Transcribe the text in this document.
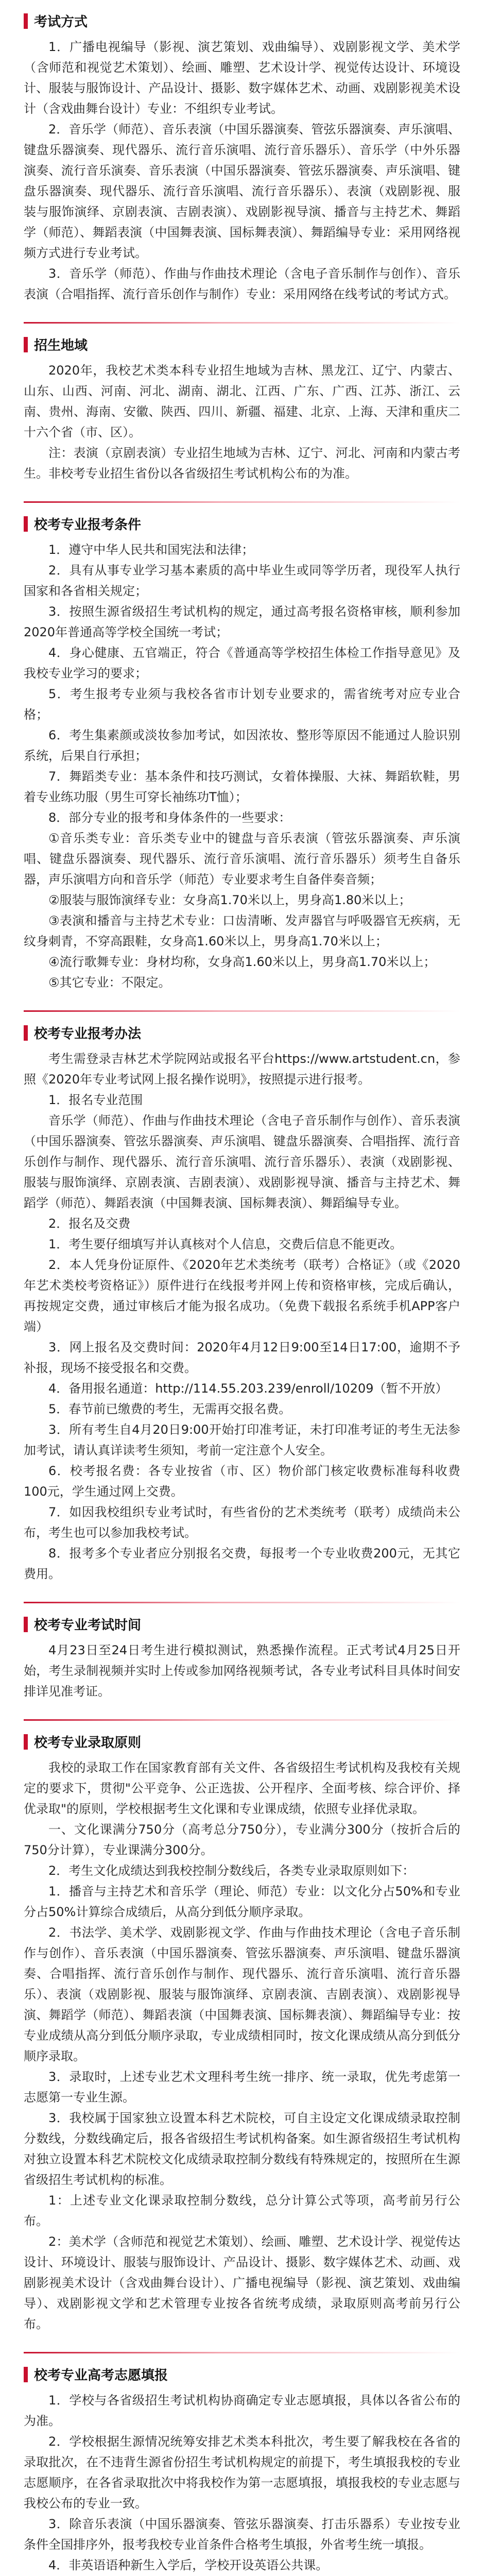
考试方式

1．广播电视编导（影视、演艺策划、戏曲编导）、戏剧影视文学、美术学（含师范和视觉艺术策划）、绘画、雕塑、艺术设计学、视觉传达设计、环境设计、服装与服饰设计、产品设计、摄影、数字媒体艺术、动画、戏剧影视美术设计（含戏曲舞台设计）专业：不组织专业考试。

2．音乐学（师范）、音乐表演（中国乐器演奏、管弦乐器演奏、声乐演唱、键盘乐器演奏、现代器乐、流行音乐演唱、流行音乐器乐）、音乐学（中外乐器演奏、流行音乐演奏、音乐表演（中国乐器演奏、管弦乐器演奏、声乐演唱、键盘乐器演奏、现代器乐、流行音乐演唱、流行音乐器乐）、表演（戏剧影视、服装与服饰演绎、京剧表演、吉剧表演）、戏剧影视导演、播音与主持艺术、舞蹈学（师范）、舞蹈表演（中国舞表演、国标舞表演）、舞蹈编导专业：采用网络视频方式进行专业考试。

3．音乐学（师范）、作曲与作曲技术理论（含电子音乐制作与创作）、音乐表演（合唱指挥、流行音乐创作与制作）专业：采用网络在线考试的考试方式。

招生地域

2020年，我校艺术类本科专业招生地域为吉林、黑龙江、辽宁、内蒙古、山东、山西、河南、河北、湖南、湖北、江西、广东、广西、江苏、浙江、云南、贵州、海南、安徽、陕西、四川、新疆、福建、北京、上海、天津和重庆二十六个省（市、区）。

注：表演（京剧表演）专业招生地域为吉林、辽宁、河北、河南和内蒙古考生。非校考专业招生省份以各省级招生考试机构公布的为准。

校考专业报考条件

1．遵守中华人民共和国宪法和法律；

2．具有从事专业学习基本素质的高中毕业生或同等学历者，现役军人执行国家和各省相关规定；

3．按照生源省级招生考试机构的规定，通过高考报名资格审核，顺利参加2020年普通高等学校全国统一考试；

4．身心健康、五官端正，符合《普通高等学校招生体检工作指导意见》及我校专业学习的要求；

5．考生报考专业须与我校各省市计划专业要求的，需省统考对应专业合格；

6．考生集素颜或淡妆参加考试，如因浓妆、整形等原因不能通过人脸识别系统，后果自行承担；

7．舞蹈类专业：基本条件和技巧测试，女着体操服、大袜、舞蹈软鞋，男着专业练功服（男生可穿长袖练功T恤）；

8．部分专业的报考和身体条件的一些要求：

①音乐类专业：音乐类专业中的键盘与音乐表演（管弦乐器演奏、声乐演唱、键盘乐器演奏、现代器乐、流行音乐演唱、流行音乐器乐）须考生自备乐器，声乐演唱方向和音乐学（师范）专业要求考生自备伴奏音频；

②服装与服饰演绎专业：女身高1.70米以上，男身高1.80米以上；

③表演和播音与主持艺术专业：口齿清晰、发声器官与呼吸器官无疾病，无纹身刺青，不穿高跟鞋，女身高1.60米以上，男身高1.70米以上；

④流行歌舞专业：身材均称，女身高1.60米以上，男身高1.70米以上；

⑤其它专业：不限定。

校考专业报考办法

考生需登录吉林艺术学院网站或报名平台https://www.artstudent.cn，参照《2020年专业考试网上报名操作说明》，按照提示进行报考。

1．报名专业范围

音乐学（师范）、作曲与作曲技术理论（含电子音乐制作与创作）、音乐表演（中国乐器演奏、管弦乐器演奏、声乐演唱、键盘乐器演奏、合唱指挥、流行音乐创作与制作、现代器乐、流行音乐演唱、流行音乐器乐）、表演（戏剧影视、服装与服饰演绎、京剧表演、吉剧表演）、戏剧影视导演、播音与主持艺术、舞蹈学（师范）、舞蹈表演（中国舞表演、国标舞表演）、舞蹈编导专业。

2．报名及交费

1．考生要仔细填写并认真核对个人信息，交费后信息不能更改。

2．本人凭身份证原件、《2020年艺术类统考（联考）合格证》（或《2020年艺术类校考资格证》）原件进行在线报考并网上传和资格审核，完成后确认，再按规定交费，通过审核后才能为报名成功。（免费下载报名系统手机APP客户端）

3．网上报名及交费时间：2020年4月12日9:00至14日17:00，逾期不予补报，现场不接受报名和交费。

4．备用报名通道：http://114.55.203.239/enroll/10209（暂不开放）

5．春节前已缴费的考生，无需再交报名费。

3．所有考生自4月20日9:00开始打印准考证，未打印准考证的考生无法参加考试，请认真详读考生须知，考前一定注意个人安全。

6．校考报名费：各专业按省（市、区）物价部门核定收费标准每科收费100元，学生通过网上交费。

7．如因我校组织专业考试时，有些省份的艺术类统考（联考）成绩尚未公布，考生也可以参加我校考试。

8．报考多个专业者应分别报名交费，每报考一个专业收费200元，无其它费用。

校考专业考试时间

4月23日至24日考生进行模拟测试，熟悉操作流程。正式考试4月25日开始，考生录制视频并实时上传或参加网络视频考试，各专业考试科目具体时间安排详见准考证。

校考专业录取原则

我校的录取工作在国家教育部有关文件、各省级招生考试机构及我校有关规定的要求下，贯彻"公平竞争、公正选拔、公开程序、全面考核、综合评价、择优录取"的原则，学校根据考生文化课和专业课成绩，依照专业择优录取。

一、文化课满分750分（高考总分750分），专业满分300分（按折合后的750分计算），专业课满分300分。

2．考生文化成绩达到我校控制分数线后，各类专业录取原则如下：

1．播音与主持艺术和音乐学（理论、师范）专业：以文化分占50%和专业分占50%计算综合成绩后，从高分到低分顺序录取。

2．书法学、美术学、戏剧影视文学、作曲与作曲技术理论（含电子音乐制作与创作）、音乐表演（中国乐器演奏、管弦乐器演奏、声乐演唱、键盘乐器演奏、合唱指挥、流行音乐创作与制作、现代器乐、流行音乐演唱、流行音乐器乐）、表演（戏剧影视、服装与服饰演绎、京剧表演、吉剧表演）、戏剧影视导演、舞蹈学（师范）、舞蹈表演（中国舞表演、国标舞表演）、舞蹈编导专业：按专业成绩从高分到低分顺序录取，专业成绩相同时，按文化课成绩从高分到低分顺序录取。

3．录取时，上述专业艺术文理科考生统一排序、统一录取，优先考虑第一志愿第一专业生源。

3．我校属于国家独立设置本科艺术院校，可自主设定文化课成绩录取控制分数线，分数线确定后，报各省级招生考试机构备案。如生源省级招生考试机构对独立设置本科艺术院校文化成绩录取控制分数线有特殊规定的，按照所在生源省级招生考试机构的标准。

1：上述专业文化课录取控制分数线，总分计算公式等项，高考前另行公布。

2：美术学（含师范和视觉艺术策划）、绘画、雕塑、艺术设计学、视觉传达设计、环境设计、服装与服饰设计、产品设计、摄影、数字媒体艺术、动画、戏剧影视美术设计（含戏曲舞台设计）、广播电视编导（影视、演艺策划、戏曲编导）、戏剧影视文学和艺术管理专业按各省统考成绩，录取原则高考前另行公布。

校考专业高考志愿填报

1．学校与各省级招生考试机构协商确定专业志愿填报，具体以各省公布的为准。

2．学校根据生源情况统筹安排艺术类本科批次，考生要了解我校在各省的录取批次，在不违背生源省份招生考试机构规定的前提下，考生填报我校的专业志愿顺序，在各省录取批次中将我校作为第一志愿填报，填报我校的专业志愿与我校公布的专业一致。

3．除音乐表演（中国乐器演奏、管弦乐器演奏、打击乐器系）专业按专业条件全国排序外，报考我校专业首条件合格考生填报，外省考生统一填报。

4．非英语语种新生入学后，学校开设英语公共课。
